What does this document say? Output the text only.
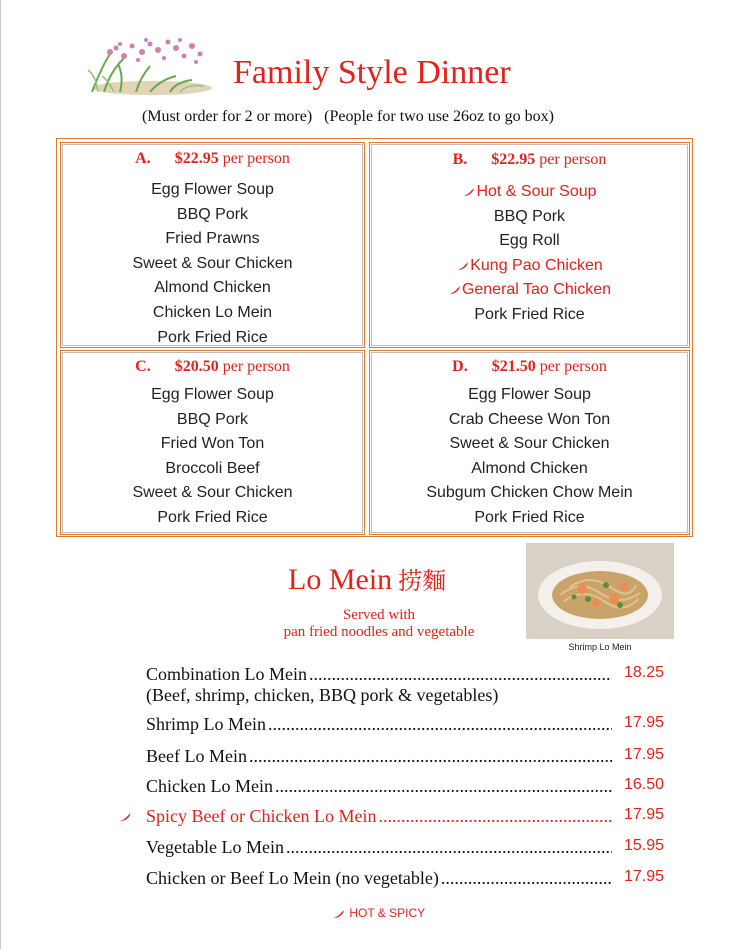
Family Style Dinner
(Must order for 2 or more)   (People for two use 26oz to go box)
A. $22.95 per person
Egg Flower Soup
BBQ Pork
Fried Prawns
Sweet & Sour Chicken
Almond Chicken
Chicken Lo Mein
Pork Fried Rice
B. $22.95 per person
Hot & Sour Soup
BBQ Pork
Egg Roll
Kung Pao Chicken
General Tao Chicken
Pork Fried Rice
C. $20.50 per person
Egg Flower Soup
BBQ Pork
Fried Won Ton
Broccoli Beef
Sweet & Sour Chicken
Pork Fried Rice
D. $21.50 per person
Egg Flower Soup
Crab Cheese Won Ton
Sweet & Sour Chicken
Almond Chicken
Subgum Chicken Chow Mein
Pork Fried Rice
Lo Mein 捞麵
Served with
pan fried noodles and vegetable
Shrimp Lo Mein
Combination Lo Mein .....	18.25
(Beef, shrimp, chicken, BBQ pork & vegetables)
Shrimp Lo Mein .....	17.95
Beef Lo Mein .....	17.95
Chicken Lo Mein .....	16.50
Spicy Beef or Chicken Lo Mein .....	17.95
Vegetable Lo Mein .....	15.95
Chicken or Beef Lo Mein (no vegetable) .....	17.95
HOT & SPICY
